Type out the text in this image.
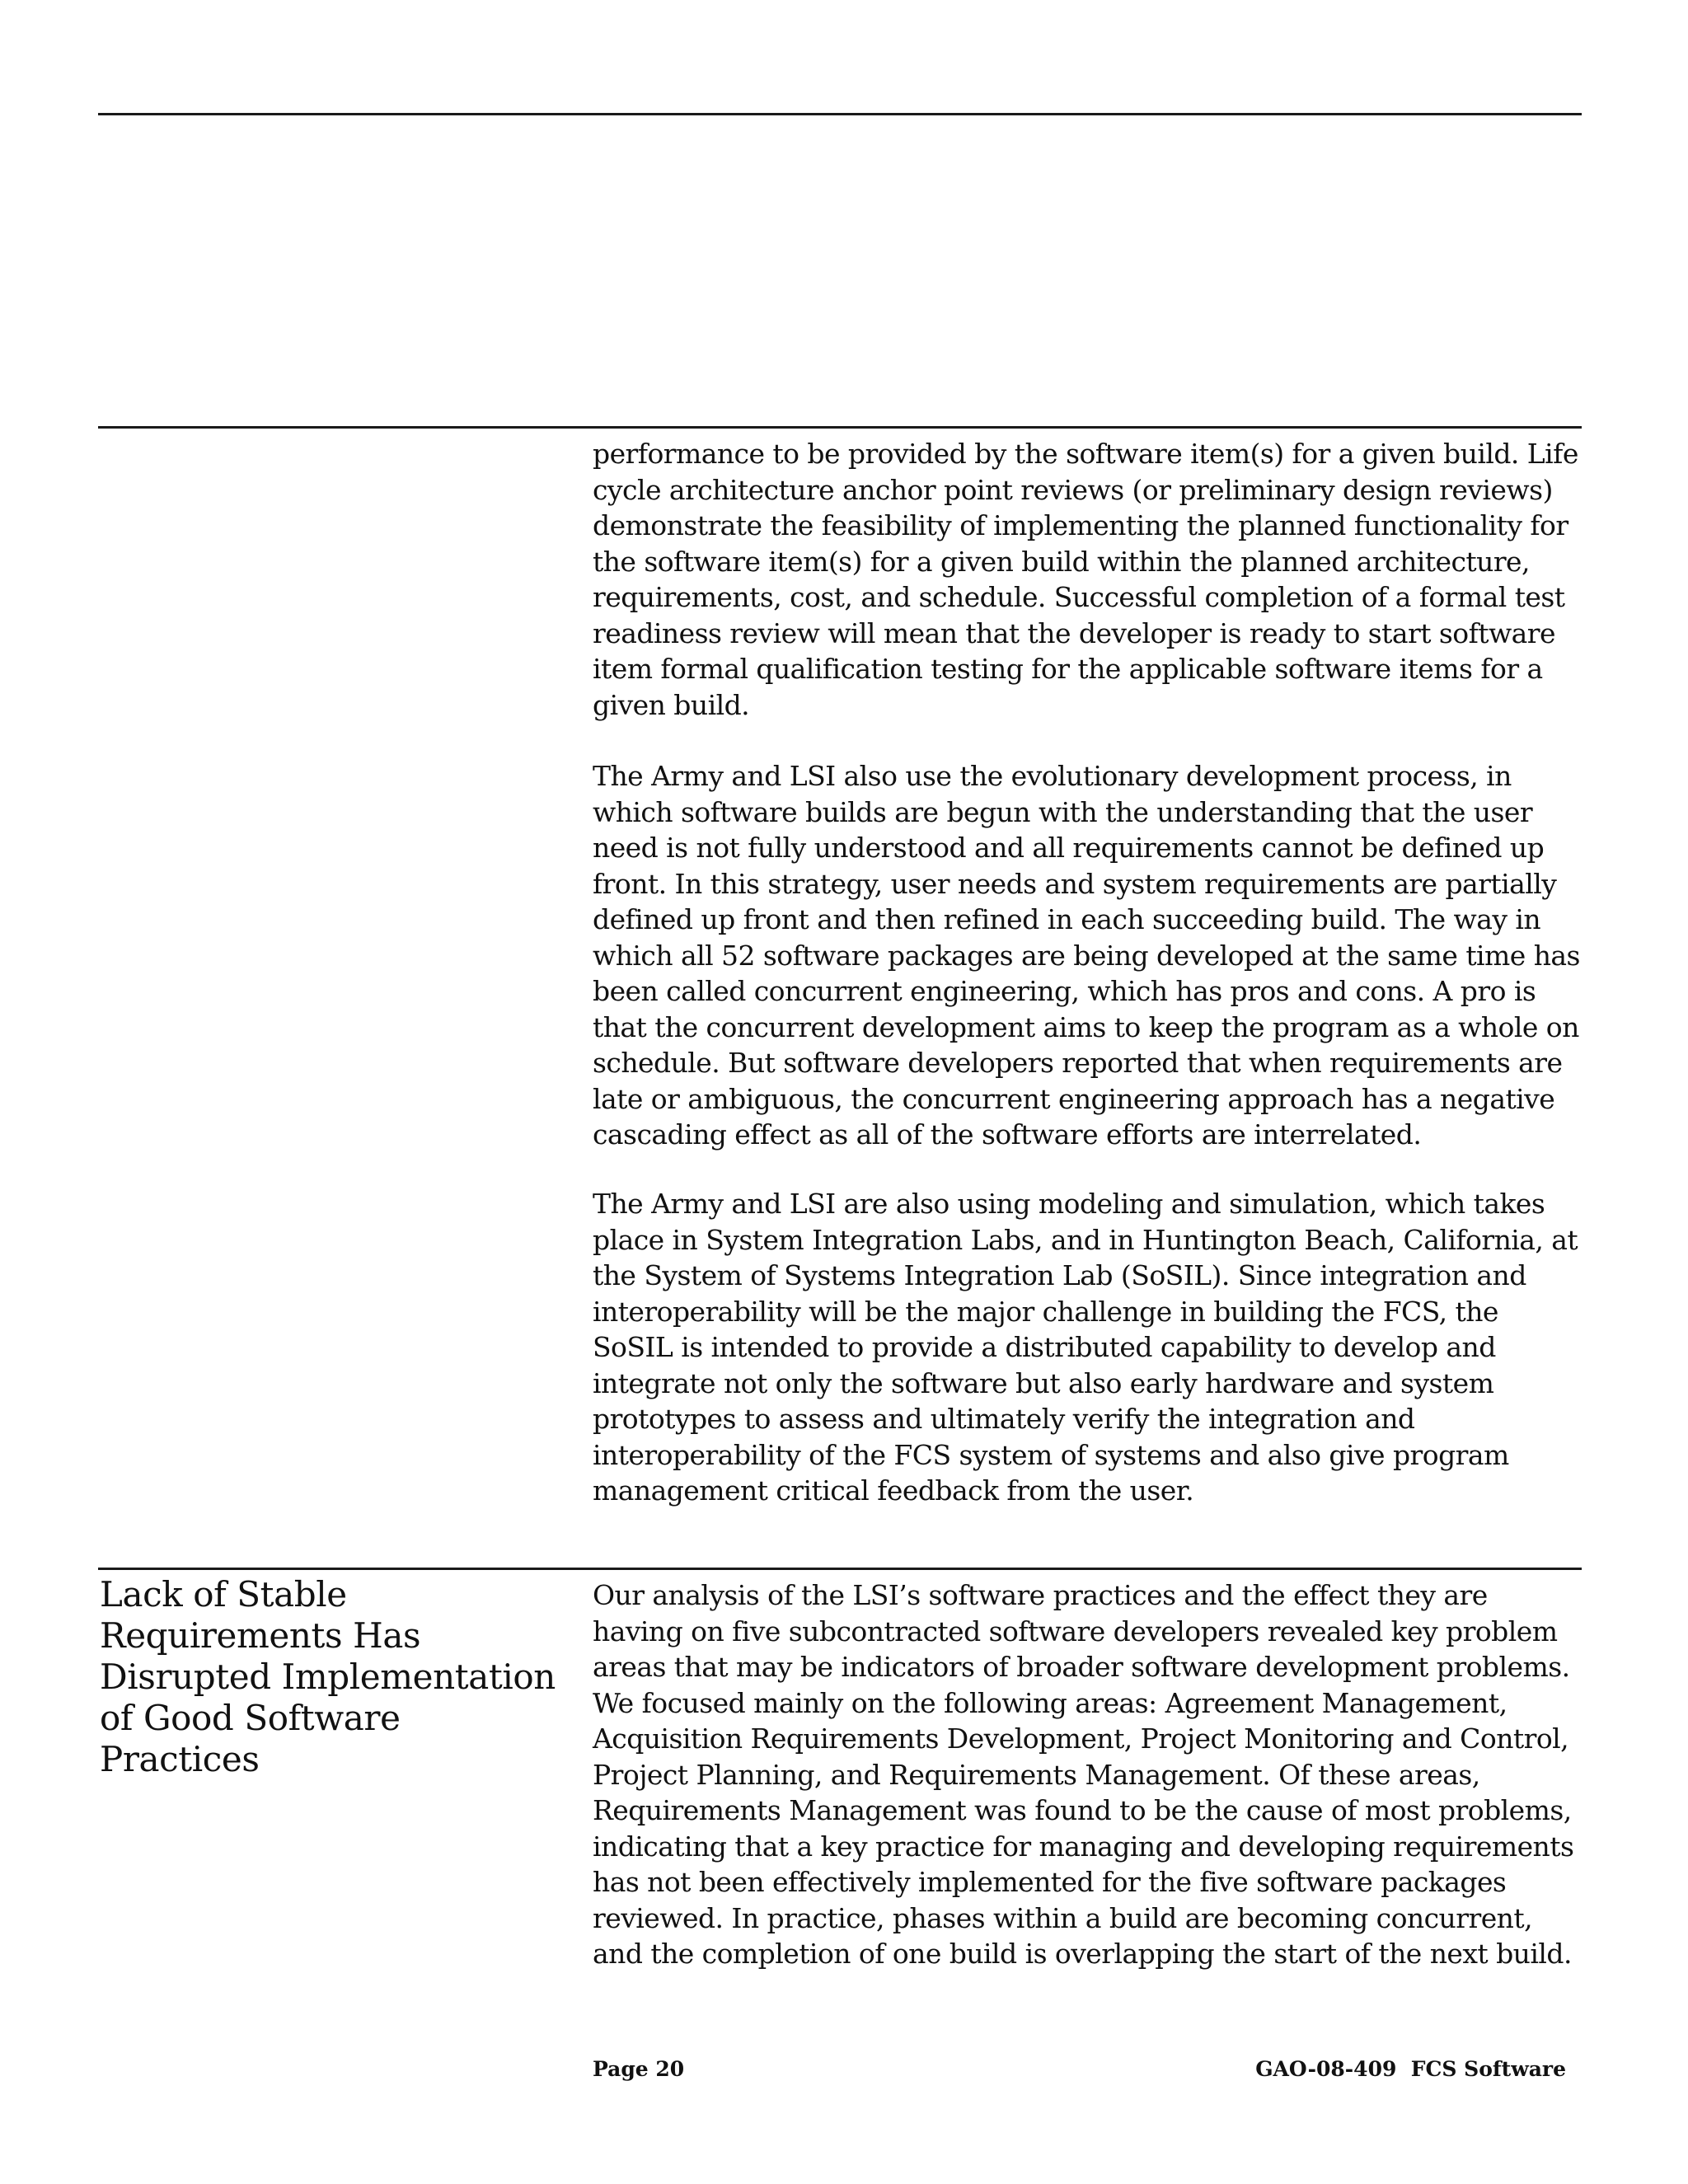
performance to be provided by the software item(s) for a given build. Life cycle architecture anchor point reviews (or preliminary design reviews) demonstrate the feasibility of implementing the planned functionality for the software item(s) for a given build within the planned architecture, requirements, cost, and schedule. Successful completion of a formal test readiness review will mean that the developer is ready to start software item formal qualification testing for the applicable software items for a given build.

The Army and LSI also use the evolutionary development process, in which software builds are begun with the understanding that the user need is not fully understood and all requirements cannot be defined up front. In this strategy, user needs and system requirements are partially defined up front and then refined in each succeeding build. The way in which all 52 software packages are being developed at the same time has been called concurrent engineering, which has pros and cons. A pro is that the concurrent development aims to keep the program as a whole on schedule. But software developers reported that when requirements are late or ambiguous, the concurrent engineering approach has a negative cascading effect as all of the software efforts are interrelated.

The Army and LSI are also using modeling and simulation, which takes place in System Integration Labs, and in Huntington Beach, California, at the System of Systems Integration Lab (SoSIL). Since integration and interoperability will be the major challenge in building the FCS, the SoSIL is intended to provide a distributed capability to develop and integrate not only the software but also early hardware and system prototypes to assess and ultimately verify the integration and interoperability of the FCS system of systems and also give program management critical feedback from the user.

Lack of Stable Requirements Has Disrupted Implementation of Good Software Practices

Our analysis of the LSI’s software practices and the effect they are having on five subcontracted software developers revealed key problem areas that may be indicators of broader software development problems. We focused mainly on the following areas: Agreement Management, Acquisition Requirements Development, Project Monitoring and Control, Project Planning, and Requirements Management. Of these areas, Requirements Management was found to be the cause of most problems, indicating that a key practice for managing and developing requirements has not been effectively implemented for the five software packages reviewed. In practice, phases within a build are becoming concurrent, and the completion of one build is overlapping the start of the next build.

Page 20	GAO-08-409  FCS Software
